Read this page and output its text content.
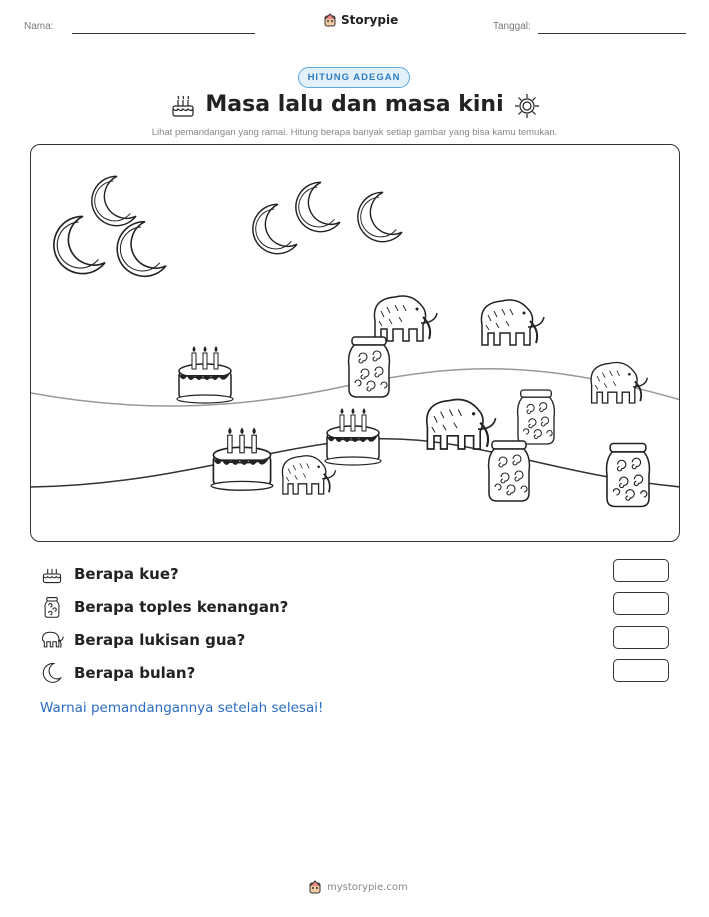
Nama:	Storypie	Tanggal:
HITUNG ADEGAN
Masa lalu dan masa kini
Lihat pemandangan yang ramai. Hitung berapa banyak setiap gambar yang bisa kamu temukan.
Berapa kue?
Berapa toples kenangan?
Berapa lukisan gua?
Berapa bulan?
Warnai pemandangannya setelah selesai!
mystorypie.com
